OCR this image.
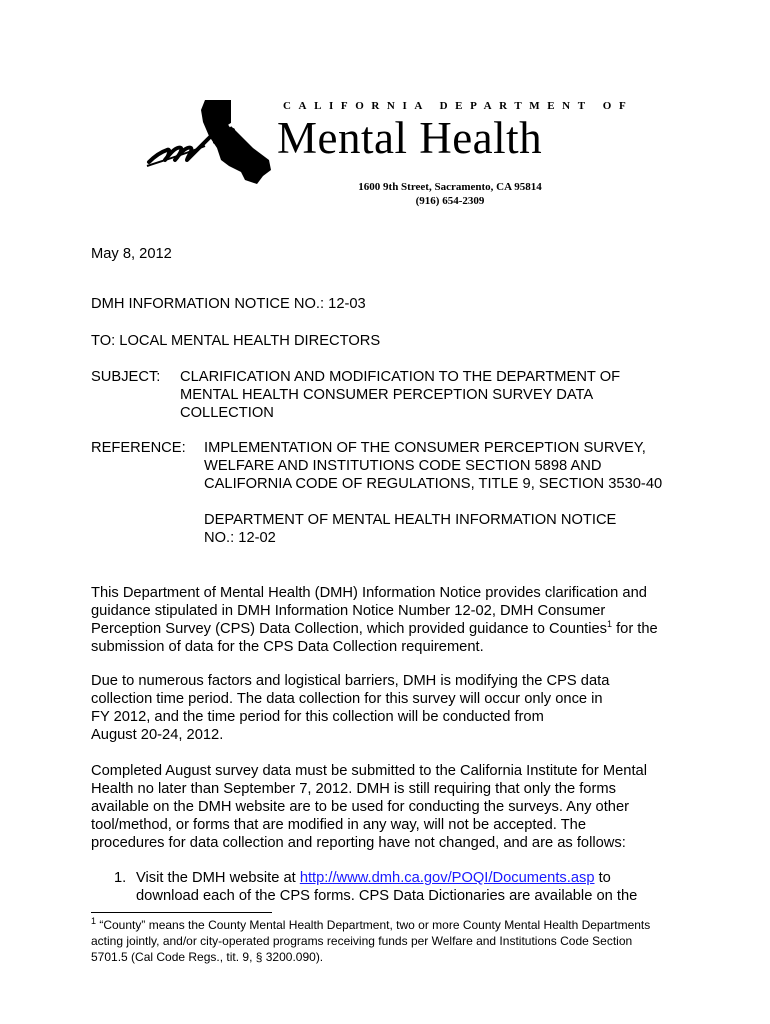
CALIFORNIA DEPARTMENT OF
Mental Health
1600 9th Street, Sacramento, CA 95814
(916) 654-2309
May 8, 2012
DMH INFORMATION NOTICE NO.: 12-03
TO: LOCAL MENTAL HEALTH DIRECTORS
SUBJECT: CLARIFICATION AND MODIFICATION TO THE DEPARTMENT OF
MENTAL HEALTH CONSUMER PERCEPTION SURVEY DATA
COLLECTION
REFERENCE: IMPLEMENTATION OF THE CONSUMER PERCEPTION SURVEY,
WELFARE AND INSTITUTIONS CODE SECTION 5898 AND
CALIFORNIA CODE OF REGULATIONS, TITLE 9, SECTION 3530-40
DEPARTMENT OF MENTAL HEALTH INFORMATION NOTICE
NO.: 12-02
This Department of Mental Health (DMH) Information Notice provides clarification and
guidance stipulated in DMH Information Notice Number 12-02, DMH Consumer
Perception Survey (CPS) Data Collection, which provided guidance to Counties$^1$ for the
submission of data for the CPS Data Collection requirement.
Due to numerous factors and logistical barriers, DMH is modifying the CPS data
collection time period. The data collection for this survey will occur only once in
FY 2012, and the time period for this collection will be conducted from
August 20-24, 2012.
Completed August survey data must be submitted to the California Institute for Mental
Health no later than September 7, 2012. DMH is still requiring that only the forms
available on the DMH website are to be used for conducting the surveys. Any other
tool/method, or forms that are modified in any way, will not be accepted. The
procedures for data collection and reporting have not changed, and are as follows:
1. Visit the DMH website at http://www.dmh.ca.gov/POQI/Documents.asp to
download each of the CPS forms. CPS Data Dictionaries are available on the
$^1$ “County” means the County Mental Health Department, two or more County Mental Health Departments
acting jointly, and/or city-operated programs receiving funds per Welfare and Institutions Code Section
5701.5 (Cal Code Regs., tit. 9, § 3200.090).
